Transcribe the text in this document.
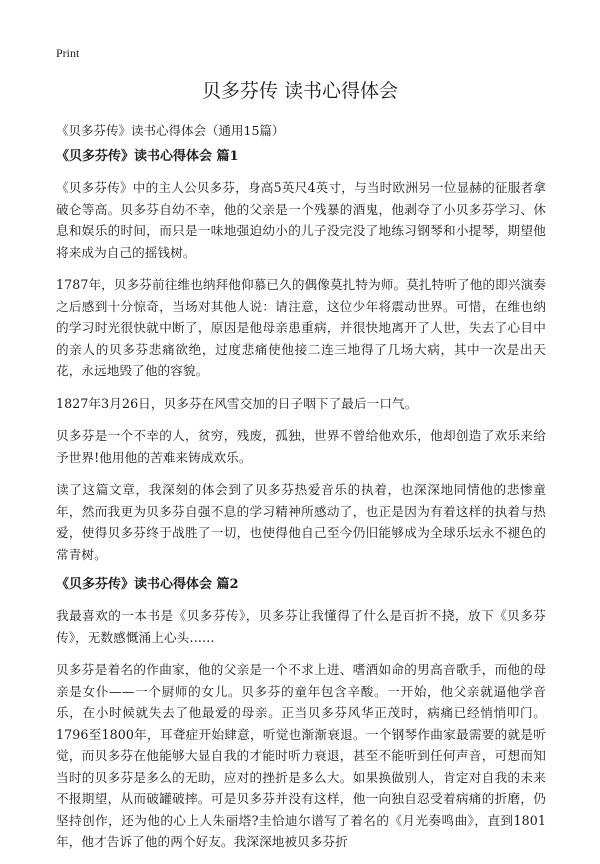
Print
贝多芬传 读书心得体会
《贝多芬传》读书心得体会（通用15篇）
《贝多芬传》读书心得体会 篇1

《贝多芬传》中的主人公贝多芬，身高5英尺4英寸，与当时欧洲另一位显赫的征服者拿破仑等高。贝多芬自幼不幸，他的父亲是一个残暴的酒鬼，他剥夺了小贝多芬学习、休息和娱乐的时间，而只是一味地强迫幼小的儿子没完没了地练习钢琴和小提琴，期望他将来成为自己的摇钱树。

1787年，贝多芬前往维也纳拜他仰慕已久的偶像莫扎特为师。莫扎特听了他的即兴演奏之后感到十分惊奇，当场对其他人说：请注意，这位少年将震动世界。可惜，在维也纳的学习时光很快就中断了，原因是他母亲患重病，并很快地离开了人世，失去了心目中的亲人的贝多芬悲痛欲绝，过度悲痛使他接二连三地得了几场大病，其中一次是出天花，永远地毁了他的容貌。

1827年3月26日，贝多芬在风雪交加的日子咽下了最后一口气。

贝多芬是一个不幸的人，贫穷，残废，孤独，世界不曾给他欢乐，他却创造了欢乐来给予世界!他用他的苦难来铸成欢乐。

读了这篇文章，我深刻的体会到了贝多芬热爱音乐的执着，也深深地同情他的悲惨童年，然而我更为贝多芬自强不息的学习精神所感动了，也正是因为有着这样的执着与热爱，使得贝多芬终于战胜了一切，也使得他自己至今仍旧能够成为全球乐坛永不褪色的常青树。

《贝多芬传》读书心得体会 篇2

我最喜欢的一本书是《贝多芬传》，贝多芬让我懂得了什么是百折不挠，放下《贝多芬传》，无数感慨涌上心头……

贝多芬是着名的作曲家，他的父亲是一个不求上进、嗜酒如命的男高音歌手，而他的母亲是女仆——一个厨师的女儿。贝多芬的童年包含辛酸。一开始，他父亲就逼他学音乐，在小时候就失去了他最爱的母亲。正当贝多芬风华正茂时，病痛已经悄悄叩门。1796至1800年，耳聋症开始肆意，听觉也渐渐衰退。一个钢琴作曲家最需要的就是听觉，而贝多芬在他能够大显自我的才能时听力衰退，甚至不能听到任何声音，可想而知当时的贝多芬是多么的无助，应对的挫折是多么大。如果换做别人，肯定对自我的未来不报期望，从而破罐破摔。可是贝多芬并没有这样，他一向独自忍受着病痛的折磨，仍坚持创作，还为他的心上人朱丽塔?圭恰迪尔谱写了着名的《月光奏鸣曲》，直到1801年，他才告诉了他的两个好友。我深深地被贝多芬折
